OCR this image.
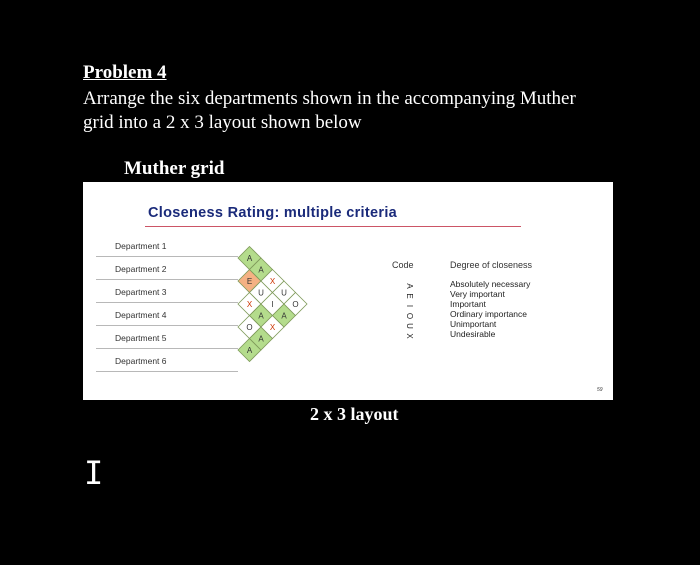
Problem 4
Arrange the six departments shown in the accompanying Muther
grid into a 2 x 3 layout shown below
Muther grid
Closeness Rating: multiple criteria
Department 1
Department 2
Department 3
Department 4
Department 5
Department 6
A
E
X
O
A
A
U
A
A
X
I
X
U
A
O
Code	Degree of closeness
A
E
I
O
U
X
Absolutely necessary
Very important
Important
Ordinary importance
Unimportant
Undesirable
59
2 x 3 layout
I
